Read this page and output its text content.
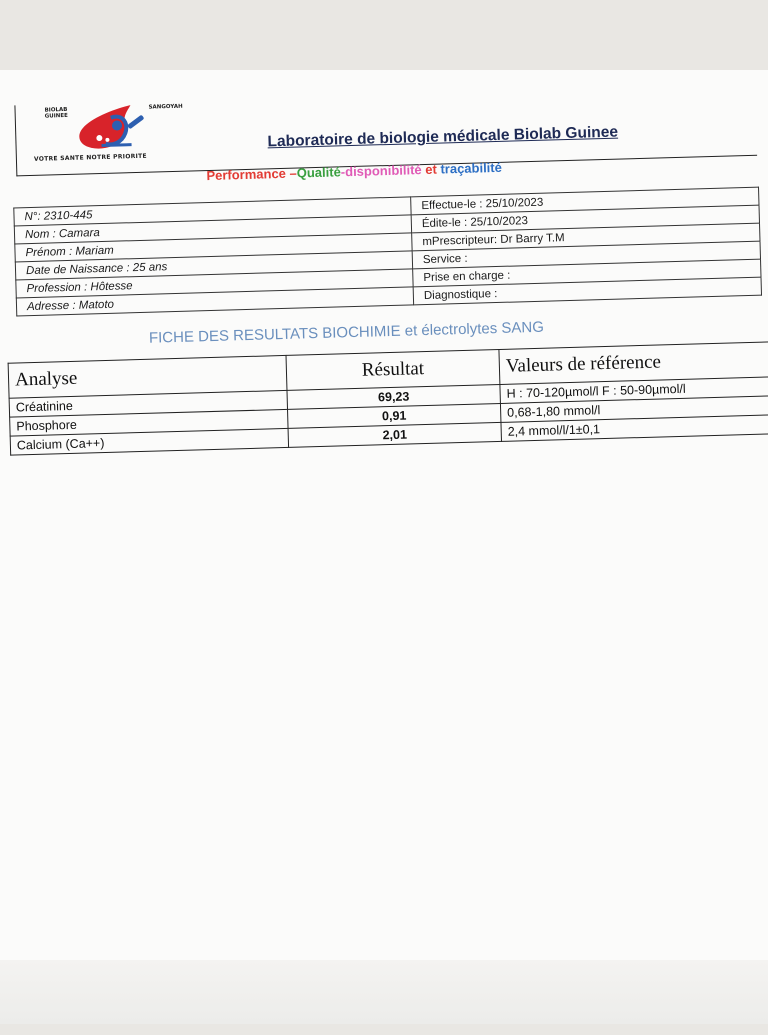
BIOLAB GUINEE
SANGOYAH
VOTRE SANTE NOTRE PRIORITE
Laboratoire de biologie médicale Biolab Guinee
Performance –Qualité-disponibilité et traçabilité
N°: 2310-445	Effectue-le : 25/10/2023
Nom : Camara	Édite-le : 25/10/2023
Prénom : Mariam	mPrescripteur: Dr Barry T.M
Date de Naissance : 25 ans	Service :
Profession : Hôtesse	Prise en charge :
Adresse : Matoto	Diagnostique :
FICHE DES RESULTATS BIOCHIMIE et électrolytes SANG
Analyse	Résultat	Valeurs de référence
Créatinine	69,23	H : 70-120µmol/l F : 50-90µmol/l
Phosphore	0,91	0,68-1,80 mmol/l
Calcium (Ca++)	2,01	2,4 mmol/l/1±0,1
